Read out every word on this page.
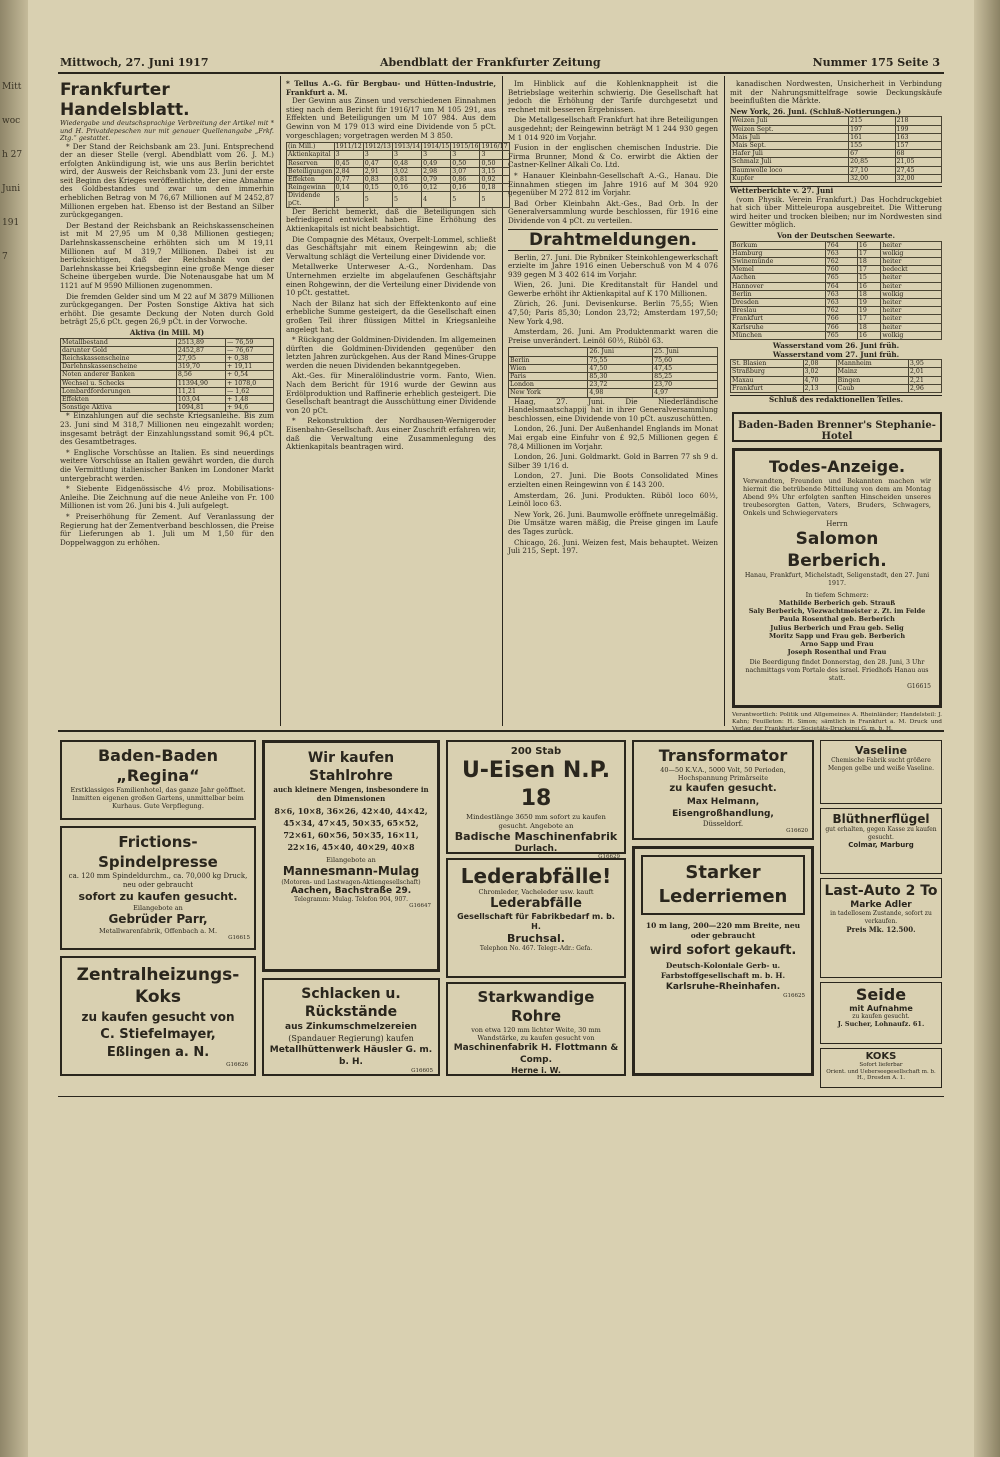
Mittwoch 27 Juni 1917
Mittwoch, 27. Juni 1917	Abendblatt der Frankfurter Zeitung	Nummer 175 Seite 3
Frankfurter Handelsblatt.
Wiedergabe und deutschsprachige Verbreitung der Artikel mit * und H. Privatdepeschen nur mit genauer Quellenangabe „Frkf. Ztg.“ gestattet.

* Der Stand der Reichsbank am 23. Juni. Entsprechend der an dieser Stelle (vergl. Abendblatt vom 26. J. M.) erfolgten Ankündigung ist, wie uns aus Berlin berichtet wird, der Ausweis der Reichsbank vom 23. Juni der erste seit Beginn des Krieges veröffentlichte, der eine Abnahme des Goldbestandes und zwar um den immerhin erheblichen Betrag von M 76,67 Millionen auf M 2452,87 Millionen ergeben hat. Ebenso ist der Bestand an Silber zurückgegangen.

Der Bestand der Reichsbank an Reichskassenscheinen ist mit M 27,95 um M 0,38 Millionen gestiegen; Darlehnskassenscheine erhöhten sich um M 19,11 Millionen auf M 319,7 Millionen. Dabei ist zu berücksichtigen, daß der Reichsbank von der Darlehnskasse bei Kriegsbeginn eine große Menge dieser Scheine übergeben wurde. Die Notenausgabe hat um M 1121 auf M 9590 Millionen zugenommen.

Die fremden Gelder sind um M 22 auf M 3879 Millionen zurückgegangen. Der Posten Sonstige Aktiva hat sich erhöht. Die gesamte Deckung der Noten durch Gold beträgt 25,6 pCt. gegen 26,9 pCt. in der Vorwoche.

Aktiva (in Mill. M)
Metallbestand	2513,89	— 76,59
darunter Gold	2452,87	— 76,67
Reichskassenscheine	27,95	+ 0,38
Darlehnskassenscheine	319,70	+ 19,11
Noten anderer Banken	8,56	+ 0,54
Wechsel u. Schecks	11394,90	+ 1078,0
Lombardforderungen	11,21	— 1,62
Effekten	103,04	+ 1,48
Sonstige Aktiva	1094,81	+ 94,6

* Einzahlungen auf die sechste Kriegsanleihe. Bis zum 23. Juni sind M 318,7 Millionen neu eingezahlt worden; insgesamt beträgt der Einzahlungsstand somit 96,4 pCt. des Gesamtbetrages.

* Englische Vorschüsse an Italien. Es sind neuerdings weitere Vorschüsse an Italien gewährt worden, die durch die Vermittlung italienischer Banken im Londoner Markt untergebracht werden.

* Siebente Eidgenössische 4½ proz. Mobilisations-Anleihe. Die Zeichnung auf die neue Anleihe von Fr. 100 Millionen ist vom 26. Juni bis 4. Juli aufgelegt.

* Preiserhöhung für Zement. Auf Veranlassung der Regierung hat der Zementverband beschlossen, die Preise für Lieferungen ab 1. Juli um M 1,50 für den Doppelwaggon zu erhöhen.

* Tellus A.-G. für Bergbau- und Hütten-Industrie, Frankfurt a. M.

Der Gewinn aus Zinsen und verschiedenen Einnahmen stieg nach dem Bericht für 1916/17 um M 105 291, aus Effekten und Beteiligungen um M 107 984. Aus dem Gewinn von M 179 013 wird eine Dividende von 5 pCt. vorgeschlagen; vorgetragen werden M 3 850.

(in Mill.)	1911/12	1912/13	1913/14	1914/15	1915/16	1916/17
Aktienkapital	3	3	3	3	3	3
Reserven	0,45	0,47	0,48	0,49	0,50	0,50
Beteiligungen	2,84	2,91	3,02	2,98	3,07	3,15
Effekten	0,77	0,83	0,81	0,79	0,86	0,92
Reingewinn	0,14	0,15	0,16	0,12	0,16	0,18
Dividende pCt.	5	5	5	4	5	5

Der Bericht bemerkt, daß die Beteiligungen sich befriedigend entwickelt haben. Eine Erhöhung des Aktienkapitals ist nicht beabsichtigt.

Die Compagnie des Métaux, Overpelt-Lommel, schließt das Geschäftsjahr mit einem Reingewinn ab; die Verwaltung schlägt die Verteilung einer Dividende vor.

Metallwerke Unterweser A.-G., Nordenham. Das Unternehmen erzielte im abgelaufenen Geschäftsjahr einen Rohgewinn, der die Verteilung einer Dividende von 10 pCt. gestattet.

Nach der Bilanz hat sich der Effektenkonto auf eine erhebliche Summe gesteigert, da die Gesellschaft einen großen Teil ihrer flüssigen Mittel in Kriegsanleihe angelegt hat.

* Rückgang der Goldminen-Dividenden. Im allgemeinen dürften die Goldminen-Dividenden gegenüber den letzten Jahren zurückgehen. Aus der Rand Mines-Gruppe werden die neuen Dividenden bekanntgegeben.

Akt.-Ges. für Mineralölindustrie vorm. Fanto, Wien. Nach dem Bericht für 1916 wurde der Gewinn aus Erdölproduktion und Raffinerie erheblich gesteigert. Die Gesellschaft beantragt die Ausschüttung einer Dividende von 20 pCt.

* Rekonstruktion der Nordhausen-Wernigeroder Eisenbahn-Gesellschaft. Aus einer Zuschrift erfahren wir, daß die Verwaltung eine Zusammenlegung des Aktienkapitals beantragen wird.

Im Hinblick auf die Kohlenknappheit ist die Betriebslage weiterhin schwierig. Die Gesellschaft hat jedoch die Erhöhung der Tarife durchgesetzt und rechnet mit besseren Ergebnissen.

Die Metallgesellschaft Frankfurt hat ihre Beteiligungen ausgedehnt; der Reingewinn beträgt M 1 244 930 gegen M 1 014 920 im Vorjahr.

Fusion in der englischen chemischen Industrie. Die Firma Brunner, Mond & Co. erwirbt die Aktien der Castner-Kellner Alkali Co. Ltd.

* Hanauer Kleinbahn-Gesellschaft A.-G., Hanau. Die Einnahmen stiegen im Jahre 1916 auf M 304 920 gegenüber M 272 812 im Vorjahr.

Bad Orber Kleinbahn Akt.-Ges., Bad Orb. In der Generalversammlung wurde beschlossen, für 1916 eine Dividende von 4 pCt. zu verteilen.

Drahtmeldungen.

Berlin, 27. Juni. Die Rybniker Steinkohlengewerkschaft erzielte im Jahre 1916 einen Ueberschuß von M 4 076 939 gegen M 3 402 614 im Vorjahr.

Wien, 26. Juni. Die Kreditanstalt für Handel und Gewerbe erhöht ihr Aktienkapital auf K 170 Millionen.

Zürich, 26. Juni. Devisenkurse. Berlin 75,55; Wien 47,50; Paris 85,30; London 23,72; Amsterdam 197,50; New York 4,98.

Amsterdam, 26. Juni. Am Produktenmarkt waren die Preise unverändert. Leinöl 60½, Rüböl 63.

	26. Juni	25. Juni
Berlin	75,55	75,60
Wien	47,50	47,45
Paris	85,30	85,25
London	23,72	23,70
New York	4,98	4,97

Haag, 27. Juni. Die Niederländische Handelsmaatschappij hat in ihrer Generalversammlung beschlossen, eine Dividende von 10 pCt. auszuschütten.

London, 26. Juni. Der Außenhandel Englands im Monat Mai ergab eine Einfuhr von £ 92,5 Millionen gegen £ 78,4 Millionen im Vorjahr.

London, 26. Juni. Goldmarkt. Gold in Barren 77 sh 9 d. Silber 39 1/16 d.

London, 27. Juni. Die Boots Consolidated Mines erzielten einen Reingewinn von £ 143 200.

Amsterdam, 26. Juni. Produkten. Rüböl loco 60½, Leinöl loco 63.

New York, 26. Juni. Baumwolle eröffnete unregelmäßig. Die Umsätze waren mäßig, die Preise gingen im Laufe des Tages zurück.

Chicago, 26. Juni. Weizen fest, Mais behauptet. Weizen Juli 215, Sept. 197.

kanadischen Nordwesten, Unsicherheit in Verbindung mit der Nahrungsmittelfrage sowie Deckungskäufe beeinflußten die Märkte.

New York, 26. Juni. (Schluß-Notierungen.)
Weizen Juli	215	218
Weizen Sept.	197	199
Mais Juli	161	163
Mais Sept.	155	157
Hafer Juli	67	68
Schmalz Juli	20,85	21,05
Baumwolle loco	27,10	27,45
Kupfer	32,00	32,00
Wetterberichte v. 27. Juni

(vom Physik. Verein Frankfurt.) Das Hochdruckgebiet hat sich über Mitteleuropa ausgebreitet. Die Witterung wird heiter und trocken bleiben; nur im Nordwesten sind Gewitter möglich.

Von der Deutschen Seewarte.
Borkum	764	16	heiter
Hamburg	763	17	wolkig
Swinemünde	762	18	heiter
Memel	760	17	bedeckt
Aachen	765	15	heiter
Hannover	764	16	heiter
Berlin	763	18	wolkig
Dresden	763	19	heiter
Breslau	762	19	heiter
Frankfurt	766	17	heiter
Karlsruhe	766	18	heiter
München	765	16	wolkig
Wasserstand vom 26. Juni früh.
Wasserstand vom 27. Juni früh.
St. Blasien	2,08	Mannheim	3,95
Straßburg	3,02	Mainz	2,01
Maxau	4,70	Bingen	2,21
Frankfurt	2,13	Caub	2,96
Schluß des redaktionellen Teiles.
Baden-Baden Brenner's Stephanie-Hotel
Todes-Anzeige.
Verwandten, Freunden und Bekannten machen wir hiermit die betrübende Mitteilung von dem am Montag Abend 9¾ Uhr erfolgten sanften Hinscheiden unseres treubesorgten Gatten, Vaters, Bruders, Schwagers, Onkels und Schwiegervaters
Herrn
Salomon Berberich.
Hanau, Frankfurt, Michelstadt, Seligenstadt, den 27. Juni 1917.
In tiefem Schmerz:
Mathilde Berberich geb. Strauß
Saly Berberich, Viezwachtmeister z. Zt. im Felde
Paula Rosenthal geb. Berberich
Julius Berberich und Frau geb. Selig
Moritz Sapp und Frau geb. Berberich
Arno Sapp und Frau
Joseph Rosenthal und Frau
Die Beerdigung findet Donnerstag, den 28. Juni, 3 Uhr nachmittags vom Portale des israel. Friedhofs Hanau aus statt.
G16615
Verantwortlich: Politik und Allgemeines A. Rheinländer; Handelsteil: J. Kahn; Feuilleton: H. Simon; sämtlich in Frankfurt a. M. Druck und Verlag der Frankfurter Societäts-Druckerei G. m. b. H.
Baden-Baden „Regina“
Erstklassiges Familienhotel, das ganze Jahr geöffnet. Inmitten eigenen großen Gartens, unmittelbar beim Kurhaus. Gute Verpflegung.
Frictions-Spindelpresse
ca. 120 mm Spindeldurchm., ca. 70,000 kg Druck, neu oder gebraucht
sofort zu kaufen gesucht.
Eilangebote an
Gebrüder Parr,
Metallwarenfabrik, Offenbach a. M.
G16615
Zentralheizungs-Koks
zu kaufen gesucht von
C. Stiefelmayer, Eßlingen a. N.
G16626
Wir kaufen Stahlrohre
auch kleinere Mengen, insbesondere in den Dimensionen
8×6, 10×8, 36×26, 42×40, 44×42, 45×34, 47×45, 50×35, 65×52, 72×61, 60×56, 50×35, 16×11, 22×16, 45×40, 40×29, 40×8
Eilangebote an
Mannesmann-Mulag
(Motoren- und Lastwagen-Aktiengesellschaft)
Aachen, Bachstraße 29.
Telegramm: Mulag. Telefon 904, 907.
G16647
Schlacken u. Rückstände
aus Zinkumschmelzereien
(Spandauer Regierung) kaufen
Metallhüttenwerk Häusler G. m. b. H.
G16605
200 Stab
U-Eisen N.P. 18
Mindestlänge 3650 mm sofort zu kaufen gesucht. Angebote an
Badische Maschinenfabrik
Durlach.
G16629
Lederabfälle!
Chromleder, Vacheleder usw. kauft
Lederabfälle
Gesellschaft für Fabrikbedarf m. b. H.
Bruchsal.
Telephon No. 467. Telegr.-Adr.: Gefa.
Starkwandige Rohre
von etwa 120 mm lichter Weite, 30 mm Wandstärke, zu kaufen gesucht von
Maschinenfabrik H. Flottmann & Comp.
Herne i. W.
Transformator
40—50 K.V.A., 5000 Volt, 50 Perioden, Hochspannung Primärseite
zu kaufen gesucht.
Max Helmann, Eisengroßhandlung,
Düsseldorf.
G16620
Starker Lederriemen
10 m lang, 200—220 mm Breite, neu oder gebraucht
wird sofort gekauft.
Deutsch-Koloniale Gerb- u. Farbstoffgesellschaft m. b. H.
Karlsruhe-Rheinhafen.
G16625
Vaseline
Chemische Fabrik sucht größere Mengen gelbe und weiße Vaseline.
Blüthnerflügel
gut erhalten, gegen Kasse zu kaufen gesucht.
Colmar, Marburg
Last-Auto 2 To
Marke Adler
in tadellosem Zustande, sofort zu verkaufen.
Preis Mk. 12.500.
Seide
mit Aufnahme
zu kaufen gesucht.
J. Sucher, Lohnaufz. 61.
KOKS
Sofort lieferbar
Orient. und Ueberseegesellschaft m. b. H., Dresden A. 1.
